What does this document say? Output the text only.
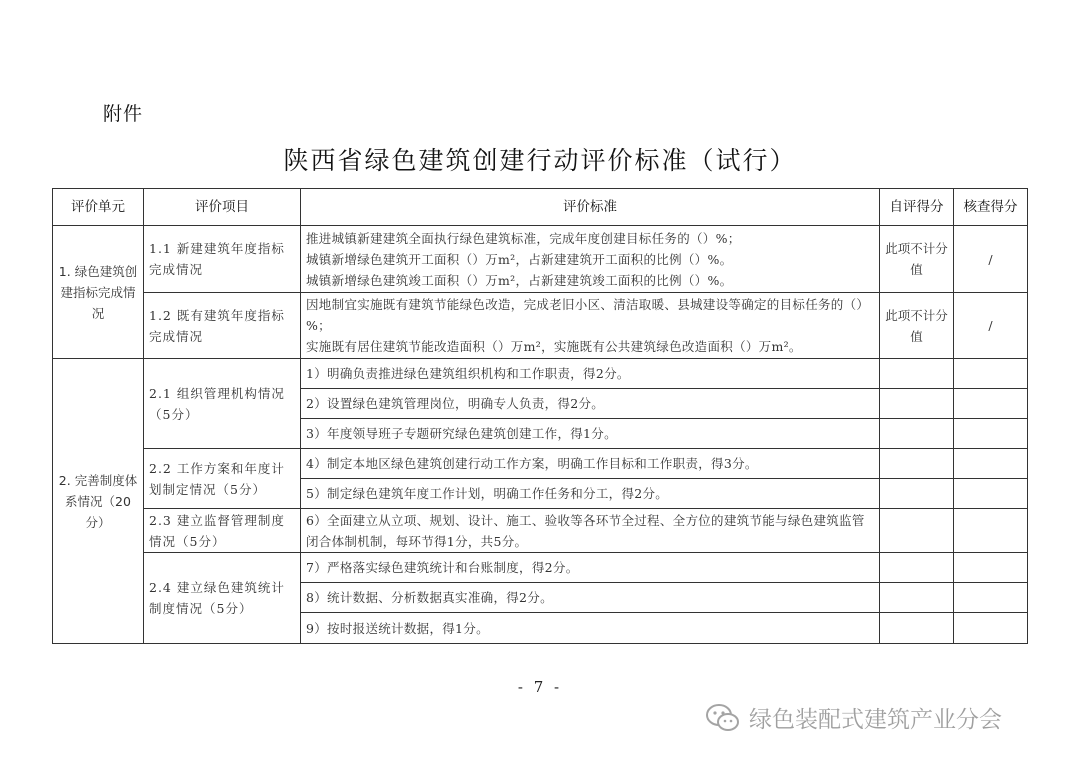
附件
陕西省绿色建筑创建行动评价标准（试行）
评价单元	评价项目	评价标准	自评得分	核查得分
1. 绿色建筑创建指标完成情况	1.1 新建建筑年度指标完成情况	推进城镇新建建筑全面执行绿色建筑标准，完成年度创建目标任务的（）%；
城镇新增绿色建筑开工面积（）万m²，占新建建筑开工面积的比例（）%。
城镇新增绿色建筑竣工面积（）万m²，占新建建筑竣工面积的比例（）%。	此项不计分值	/
	1.2 既有建筑年度指标完成情况	因地制宜实施既有建筑节能绿色改造，完成老旧小区、清洁取暖、县城建设等确定的目标任务的（）%；
实施既有居住建筑节能改造面积（）万m²，实施既有公共建筑绿色改造面积（）万m²。	此项不计分值	/
2. 完善制度体系情况（20分）	2.1 组织管理机构情况（5分）	1）明确负责推进绿色建筑组织机构和工作职责，得2分。		
		2）设置绿色建筑管理岗位，明确专人负责，得2分。		
		3）年度领导班子专题研究绿色建筑创建工作，得1分。		
	2.2 工作方案和年度计划制定情况（5分）	4）制定本地区绿色建筑创建行动工作方案，明确工作目标和工作职责，得3分。		
		5）制定绿色建筑年度工作计划，明确工作任务和分工，得2分。		
	2.3 建立监督管理制度情况（5分）	6）全面建立从立项、规划、设计、施工、验收等各环节全过程、全方位的建筑节能与绿色建筑监管闭合体制机制，每环节得1分，共5分。		
	2.4 建立绿色建筑统计制度情况（5分）	7）严格落实绿色建筑统计和台账制度，得2分。		
		8）统计数据、分析数据真实准确，得2分。		
		9）按时报送统计数据，得1分。		
- 7 -
绿色装配式建筑产业分会
